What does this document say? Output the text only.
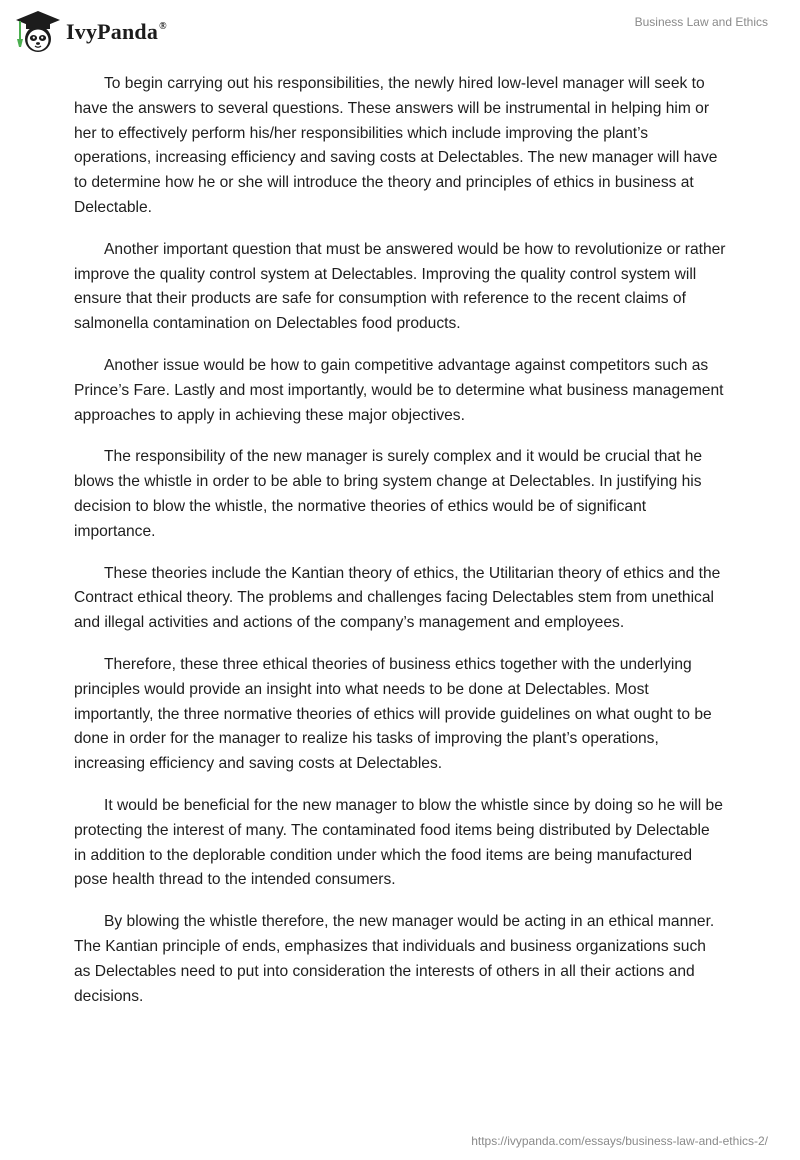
IvyPanda®	Business Law and Ethics

To begin carrying out his responsibilities, the newly hired low-level manager will seek to have the answers to several questions. These answers will be instrumental in helping him or her to effectively perform his/her responsibilities which include improving the plant’s operations, increasing efficiency and saving costs at Delectables. The new manager will have to determine how he or she will introduce the theory and principles of ethics in business at Delectable.

Another important question that must be answered would be how to revolutionize or rather improve the quality control system at Delectables. Improving the quality control system will ensure that their products are safe for consumption with reference to the recent claims of salmonella contamination on Delectables food products.

Another issue would be how to gain competitive advantage against competitors such as Prince’s Fare. Lastly and most importantly, would be to determine what business management approaches to apply in achieving these major objectives.

The responsibility of the new manager is surely complex and it would be crucial that he blows the whistle in order to be able to bring system change at Delectables. In justifying his decision to blow the whistle, the normative theories of ethics would be of significant importance.

These theories include the Kantian theory of ethics, the Utilitarian theory of ethics and the Contract ethical theory. The problems and challenges facing Delectables stem from unethical and illegal activities and actions of the company’s management and employees.

Therefore, these three ethical theories of business ethics together with the underlying principles would provide an insight into what needs to be done at Delectables. Most importantly, the three normative theories of ethics will provide guidelines on what ought to be done in order for the manager to realize his tasks of improving the plant’s operations, increasing efficiency and saving costs at Delectables.

It would be beneficial for the new manager to blow the whistle since by doing so he will be protecting the interest of many. The contaminated food items being distributed by Delectable in addition to the deplorable condition under which the food items are being manufactured pose health thread to the intended consumers.

By blowing the whistle therefore, the new manager would be acting in an ethical manner. The Kantian principle of ends, emphasizes that individuals and business organizations such as Delectables need to put into consideration the interests of others in all their actions and decisions.

https://ivypanda.com/essays/business-law-and-ethics-2/
